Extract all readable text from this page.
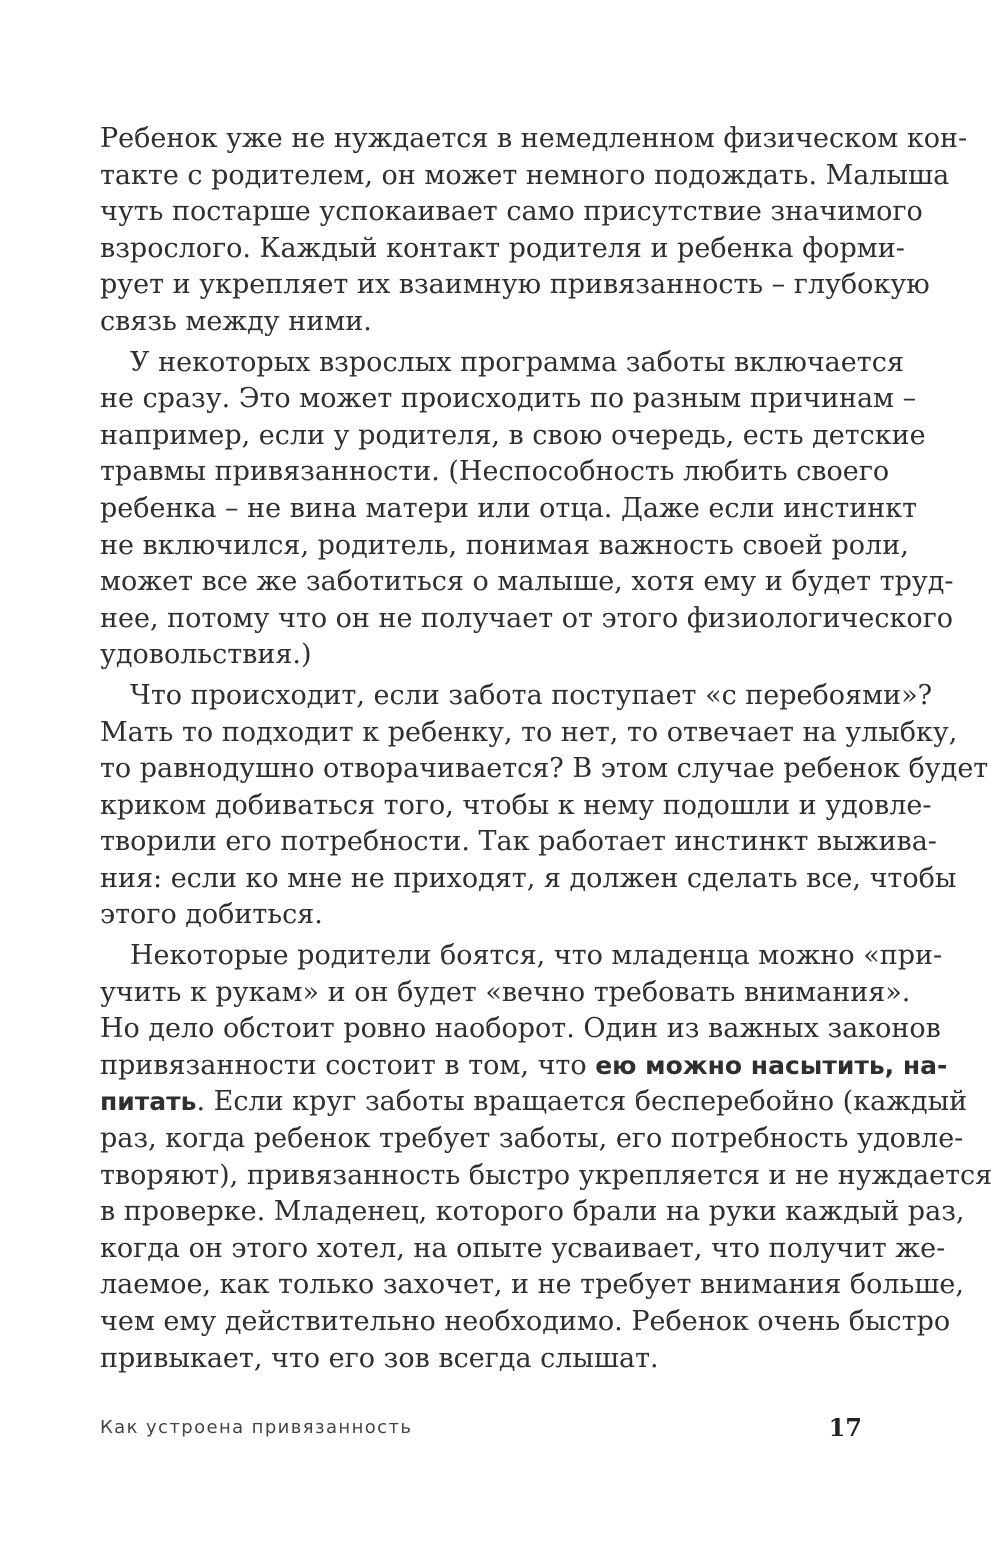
Ребенок уже не нуждается в немедленном физическом кон-
такте с родителем, он может немного подождать. Малыша
чуть постарше успокаивает само присутствие значимого
взрослого. Каждый контакт родителя и ребенка форми-
рует и укрепляет их взаимную привязанность – глубокую
связь между ними.
У некоторых взрослых программа заботы включается
не сразу. Это может происходить по разным причинам –
например, если у родителя, в свою очередь, есть детские
травмы привязанности. (Неспособность любить своего
ребенка – не вина матери или отца. Даже если инстинкт
не включился, родитель, понимая важность своей роли,
может все же заботиться о малыше, хотя ему и будет труд-
нее, потому что он не получает от этого физиологического
удовольствия.)
Что происходит, если забота поступает «с перебоями»?
Мать то подходит к ребенку, то нет, то отвечает на улыбку,
то равнодушно отворачивается? В этом случае ребенок будет
криком добиваться того, чтобы к нему подошли и удовле-
творили его потребности. Так работает инстинкт выжива-
ния: если ко мне не приходят, я должен сделать все, чтобы
этого добиться.
Некоторые родители боятся, что младенца можно «при-
учить к рукам» и он будет «вечно требовать внимания».
Но дело обстоит ровно наоборот. Один из важных законов
привязанности состоит в том, что ею можно насытить, на-
питать. Если круг заботы вращается бесперебойно (каждый
раз, когда ребенок требует заботы, его потребность удовле-
творяют), привязанность быстро укрепляется и не нуждается
в проверке. Младенец, которого брали на руки каждый раз,
когда он этого хотел, на опыте усваивает, что получит же-
лаемое, как только захочет, и не требует внимания больше,
чем ему действительно необходимо. Ребенок очень быстро
привыкает, что его зов всегда слышат.
Как устроена привязанность	17
